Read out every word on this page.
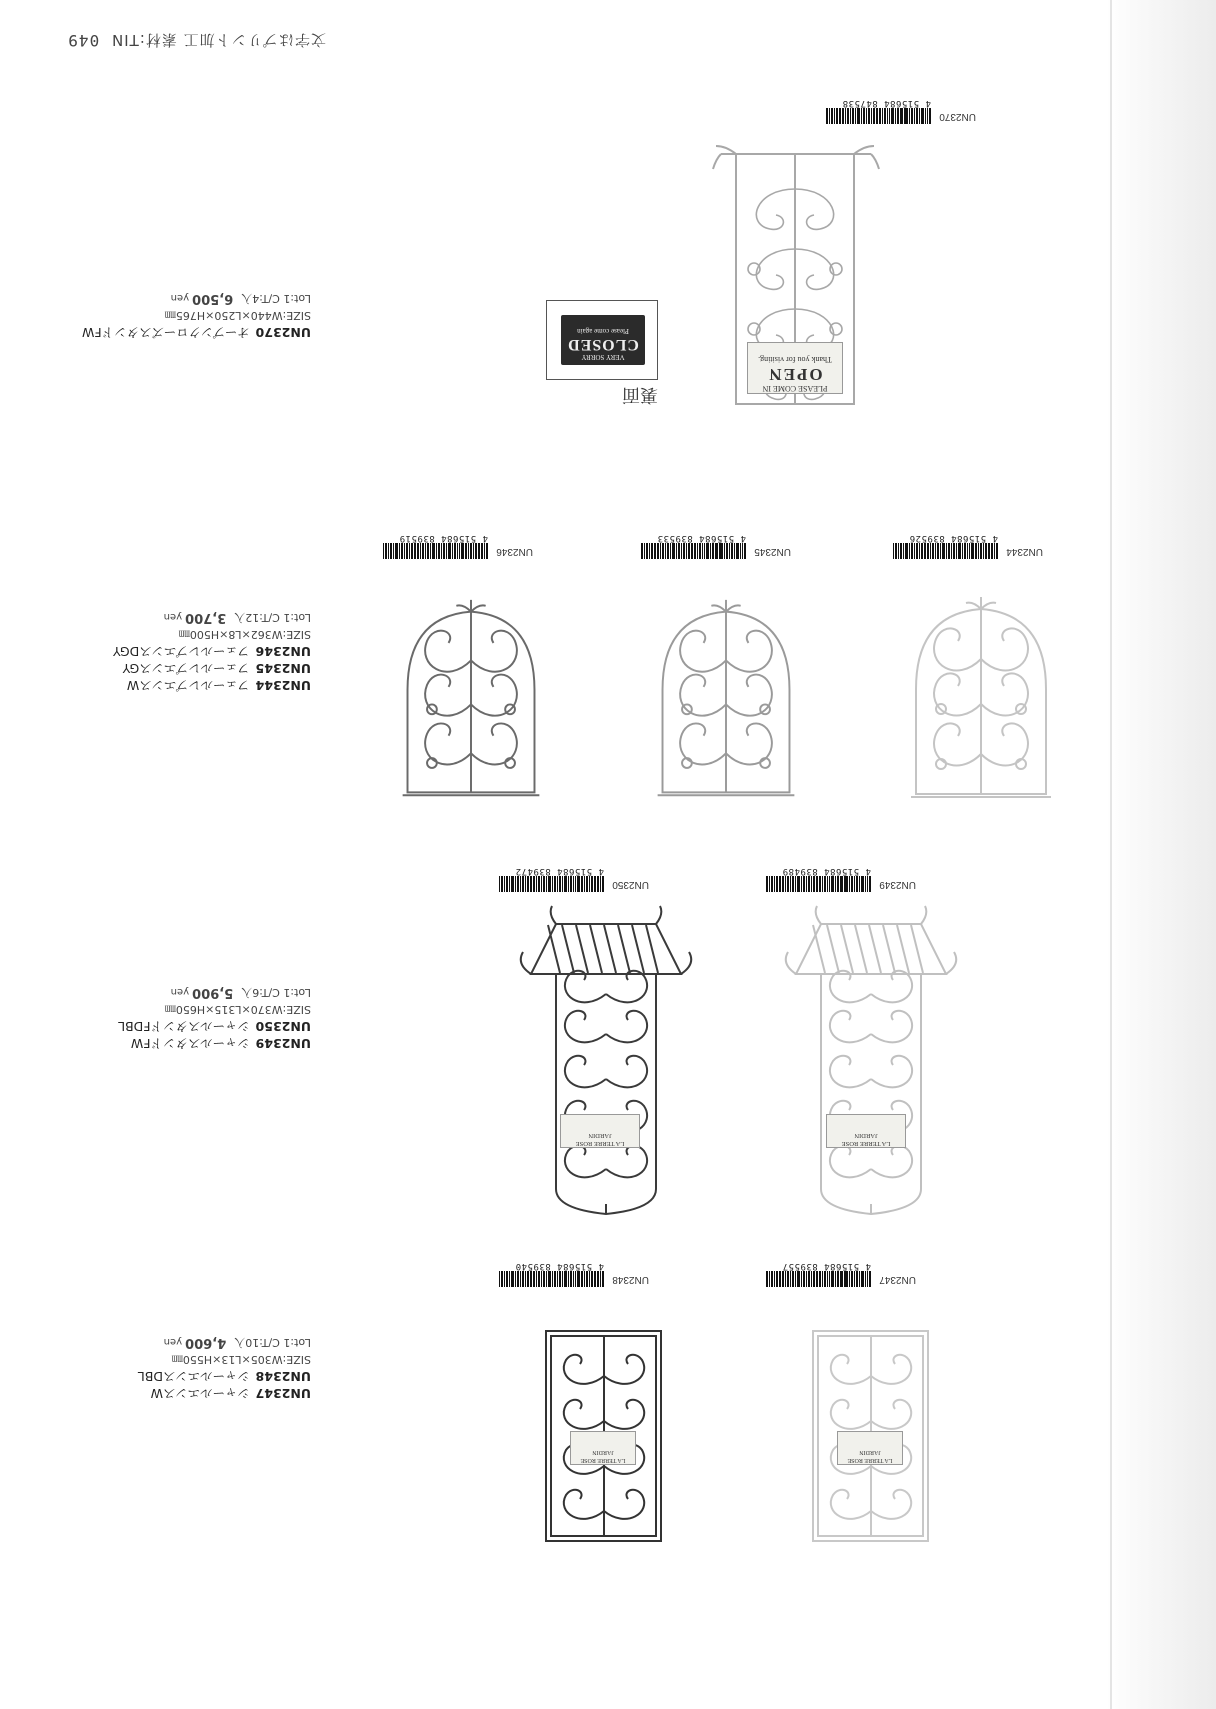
文字はプリント加工 素材:TIN 049
UN2370オープンクローズスタンドFW
SIZE:W440×L250×H765㎜
Lot:1 C/T:4入6,500yen
UN2370
4 515684 847538
PLEASE COME IN
OPEN
Thank you for visiting.
裏面
VERY SORRY
CLOSED
Please come again
UN2344フェールレプエンスW
UN2345フェールレプエンスGY
UN2346フェールレプエンスDGY
SIZE:W362×L8×H500㎜
Lot:1 C/T:12入3,700yen
UN2344
4 515684 839526
UN2345
4 515684 839533
UN2346
4 515684 839519
UN2349シャールスタンドFW
UN2350シャールスタンドFDBL
SIZE:W370×L315×H650㎜
Lot:1 C/T:6入5,900yen
UN2349
4 515684 839489
UN2350
4 515684 839472
LA TERRE ROSE
JARDIN
LA TERRE ROSE
JARDIN
UN2347シャールエンスW
UN2348シャールエンスDBL
SIZE:W305×L13×H550㎜
Lot:1 C/T:10入4,600yen
UN2347
4 515684 839557
UN2348
4 515684 839540
LA TERRE ROSE
JARDIN
LA TERRE ROSE
JARDIN
